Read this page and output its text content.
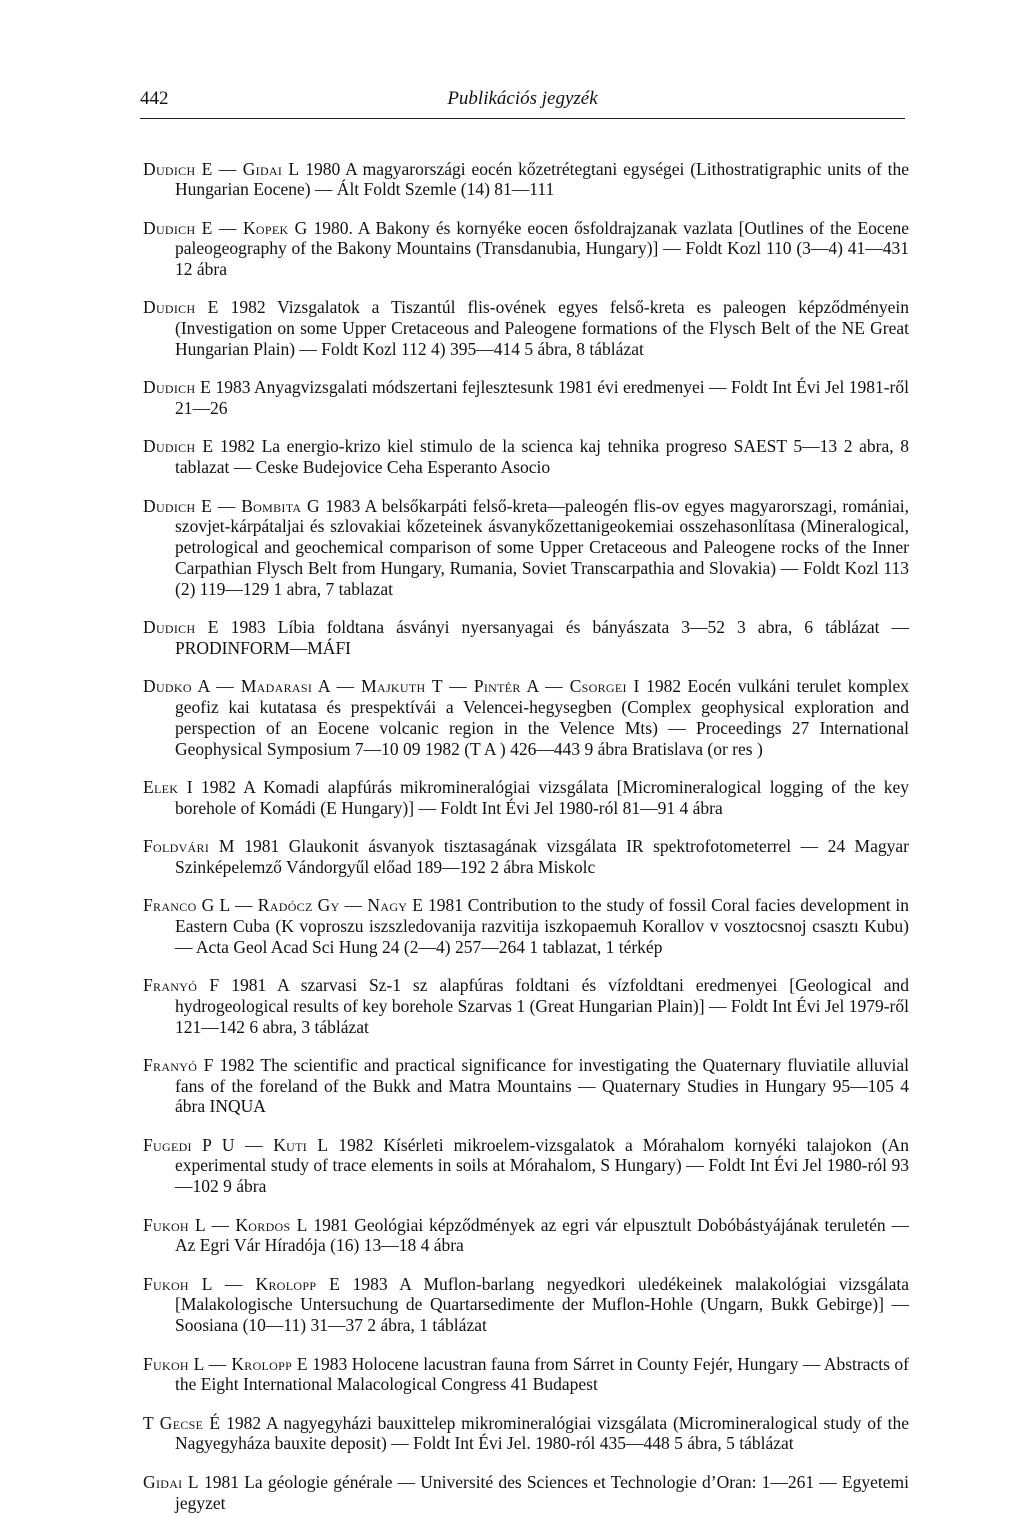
442	Publikációs jegyzék

Dudich E — Gidai L 1980 A magyarországi eocén kőzetrétegtani egységei (Lithostratigraphic units of the Hungarian Eocene) — Ált Foldt Szemle (14) 81—111

Dudich E — Kopek G 1980. A Bakony és kornyéke eocen ősfoldrajzanak vazlata [Outlines of the Eocene paleogeography of the Bakony Mountains (Transdanubia, Hungary)] — Foldt Kozl 110 (3—4) 41—431 12 ábra

Dudich E 1982 Vizsgalatok a Tiszantúl flis-ovének egyes felső-kreta es paleogen képződményein (Investigation on some Upper Cretaceous and Paleogene formations of the Flysch Belt of the NE Great Hungarian Plain) — Foldt Kozl 112 4) 395—414 5 ábra, 8 táblázat

Dudich E 1983 Anyagvizsgalati módszertani fejlesztesunk 1981 évi eredmenyei — Foldt Int Évi Jel 1981-ről 21—26

Dudich E 1982 La energio-krizo kiel stimulo de la scienca kaj tehnika progreso SAEST 5—13 2 abra, 8 tablazat — Ceske Budejovice Ceha Esperanto Asocio

Dudich E — Bombita G 1983 A belsőkarpáti felső-kreta—paleogén flis-ov egyes magyarorszagi, romániai, szovjet-kárpátaljai és szlovakiai kőzeteinek ásvanykőzettanigeokemiai osszehasonlítasa (Mineralogical, petrological and geochemical comparison of some Upper Cretaceous and Paleogene rocks of the Inner Carpathian Flysch Belt from Hungary, Rumania, Soviet Transcarpathia and Slovakia) — Foldt Kozl 113 (2) 119—129 1 abra, 7 tablazat

Dudich E 1983 Líbia foldtana ásványi nyersanyagai és bányászata 3—52 3 abra, 6 táblázat — PRODINFORM—MÁFI

Dudko A — Madarasi A — Majkuth T — Pintér A — Csorgei I 1982 Eocén vulkáni terulet komplex geofiz kai kutatasa és prespektívái a Velencei-hegysegben (Complex geophysical exploration and perspection of an Eocene volcanic region in the Velence Mts) — Proceedings 27 International Geophysical Symposium 7—10 09 1982 (T A ) 426—443 9 ábra Bratislava (or res )

Elek I 1982 A Komadi alapfúrás mikromineralógiai vizsgálata [Micromineralogical logging of the key borehole of Komádi (E Hungary)] — Foldt Int Évi Jel 1980-ról 81—91 4 ábra

Foldvári M 1981 Glaukonit ásvanyok tisztasagának vizsgálata IR spektrofotometerrel — 24 Magyar Szinképelemző Vándorgyűl előad 189—192 2 ábra Miskolc

Franco G L — Radócz Gy — Nagy E 1981 Contribution to the study of fossil Coral facies development in Eastern Cuba (K voproszu iszszledovanija razvitija iszkopaemuh Korallov v vosztocsnoj csasztı Kubu) — Acta Geol Acad Sci Hung 24 (2—4) 257—264 1 tablazat, 1 térkép

Franyó F 1981 A szarvasi Sz-1 sz alapfúras foldtani és vízfoldtani eredmenyei [Geological and hydrogeological results of key borehole Szarvas 1 (Great Hungarian Plain)] — Foldt Int Évi Jel 1979-ről 121—142 6 abra, 3 táblázat

Franyó F 1982 The scientific and practical significance for investigating the Quaternary fluviatile alluvial fans of the foreland of the Bukk and Matra Mountains — Quaternary Studies in Hungary 95—105 4 ábra INQUA

Fugedi P U — Kuti L 1982 Kísérleti mikroelem-vizsgalatok a Mórahalom kornyéki talajokon (An experimental study of trace elements in soils at Mórahalom, S Hungary) — Foldt Int Évi Jel 1980-ról 93—102 9 ábra

Fukoh L — Kordos L 1981 Geológiai képződmények az egri vár elpusztult Dobóbástyájának teruletén — Az Egri Vár Híradója (16) 13—18 4 ábra

Fukoh L — Krolopp E 1983 A Muflon-barlang negyedkori uledékeinek malakológiai vizsgálata [Malakologische Untersuchung de Quartarsedimente der Muflon-Hohle (Ungarn, Bukk Gebirge)] — Soosiana (10—11) 31—37 2 ábra, 1 táblázat

Fukoh L — Krolopp E 1983 Holocene lacustran fauna from Sárret in County Fejér, Hungary — Abstracts of the Eight International Malacological Congress 41 Budapest

T Gecse É 1982 A nagyegyházi bauxittelep mikromineralógiai vizsgálata (Micromineralogical study of the Nagyegyháza bauxite deposit) — Foldt Int Évi Jel. 1980-ról 435—448 5 ábra, 5 táblázat

Gidai L 1981 La géologie générale — Université des Sciences et Technologie d’Oran: 1—261 — Egyetemi jegyzet
